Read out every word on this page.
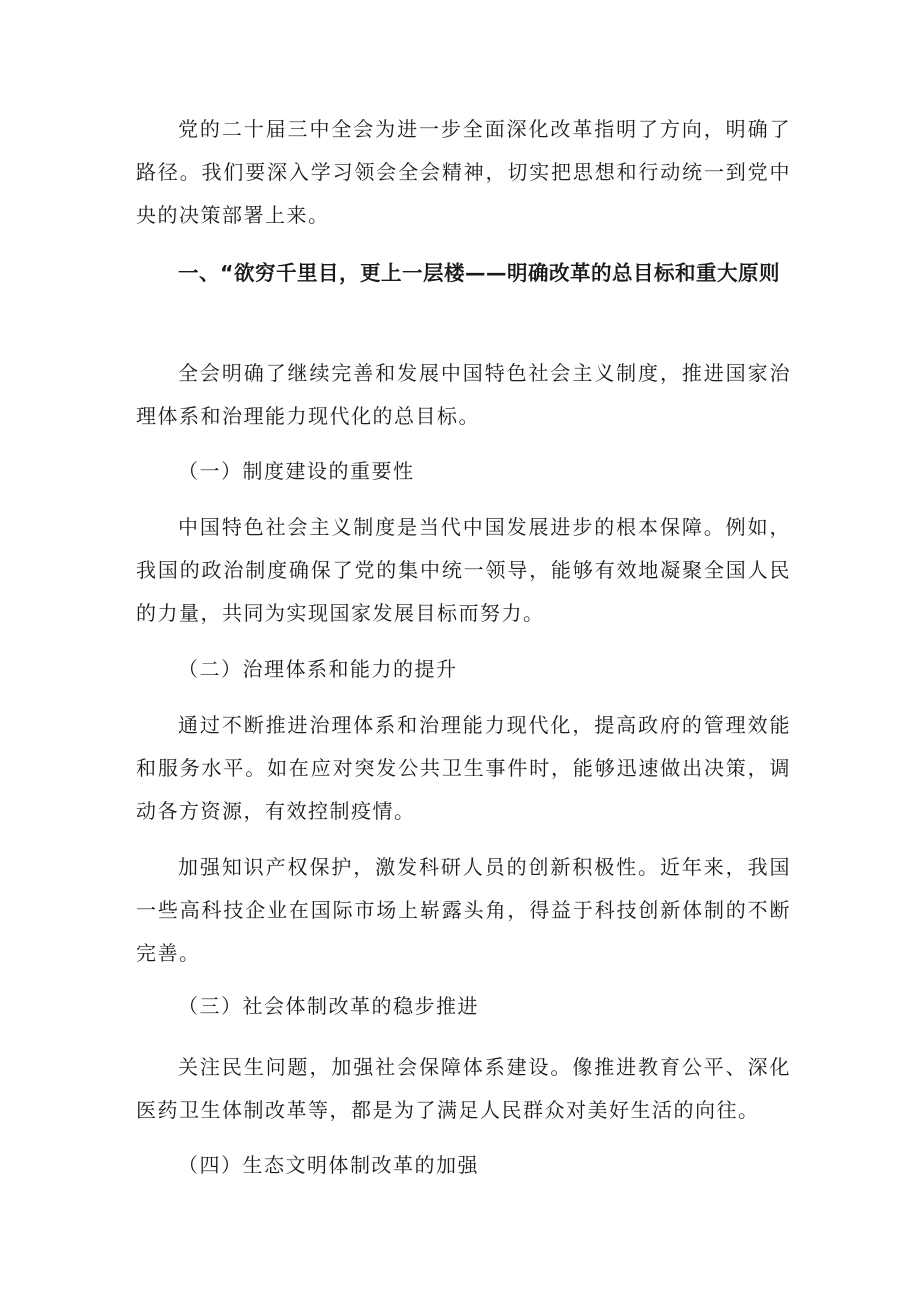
党的二十届三中全会为进一步全面深化改革指明了方向，明确了路径。我们要深入学习领会全会精神，切实把思想和行动统一到党中央的决策部署上来。

一、“欲穷千里目，更上一层楼——明确改革的总目标和重大原则

全会明确了继续完善和发展中国特色社会主义制度，推进国家治理体系和治理能力现代化的总目标。

（一）制度建设的重要性

中国特色社会主义制度是当代中国发展进步的根本保障。例如，我国的政治制度确保了党的集中统一领导，能够有效地凝聚全国人民的力量，共同为实现国家发展目标而努力。

（二）治理体系和能力的提升

通过不断推进治理体系和治理能力现代化，提高政府的管理效能和服务水平。如在应对突发公共卫生事件时，能够迅速做出决策，调动各方资源，有效控制疫情。

加强知识产权保护，激发科研人员的创新积极性。近年来，我国一些高科技企业在国际市场上崭露头角，得益于科技创新体制的不断完善。

（三）社会体制改革的稳步推进

关注民生问题，加强社会保障体系建设。像推进教育公平、深化医药卫生体制改革等，都是为了满足人民群众对美好生活的向往。

（四）生态文明体制改革的加强
